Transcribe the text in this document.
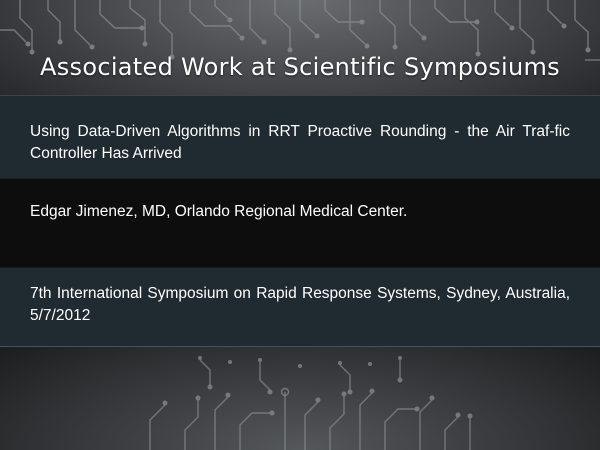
Associated Work at Scientific Symposiums
Using Data-Driven Algorithms in RRT Proactive Rounding - the Air Traf-fic Controller Has Arrived
Edgar Jimenez, MD, Orlando Regional Medical Center.
7th International Symposium on Rapid Response Systems, Sydney, Australia, 5/7/2012
